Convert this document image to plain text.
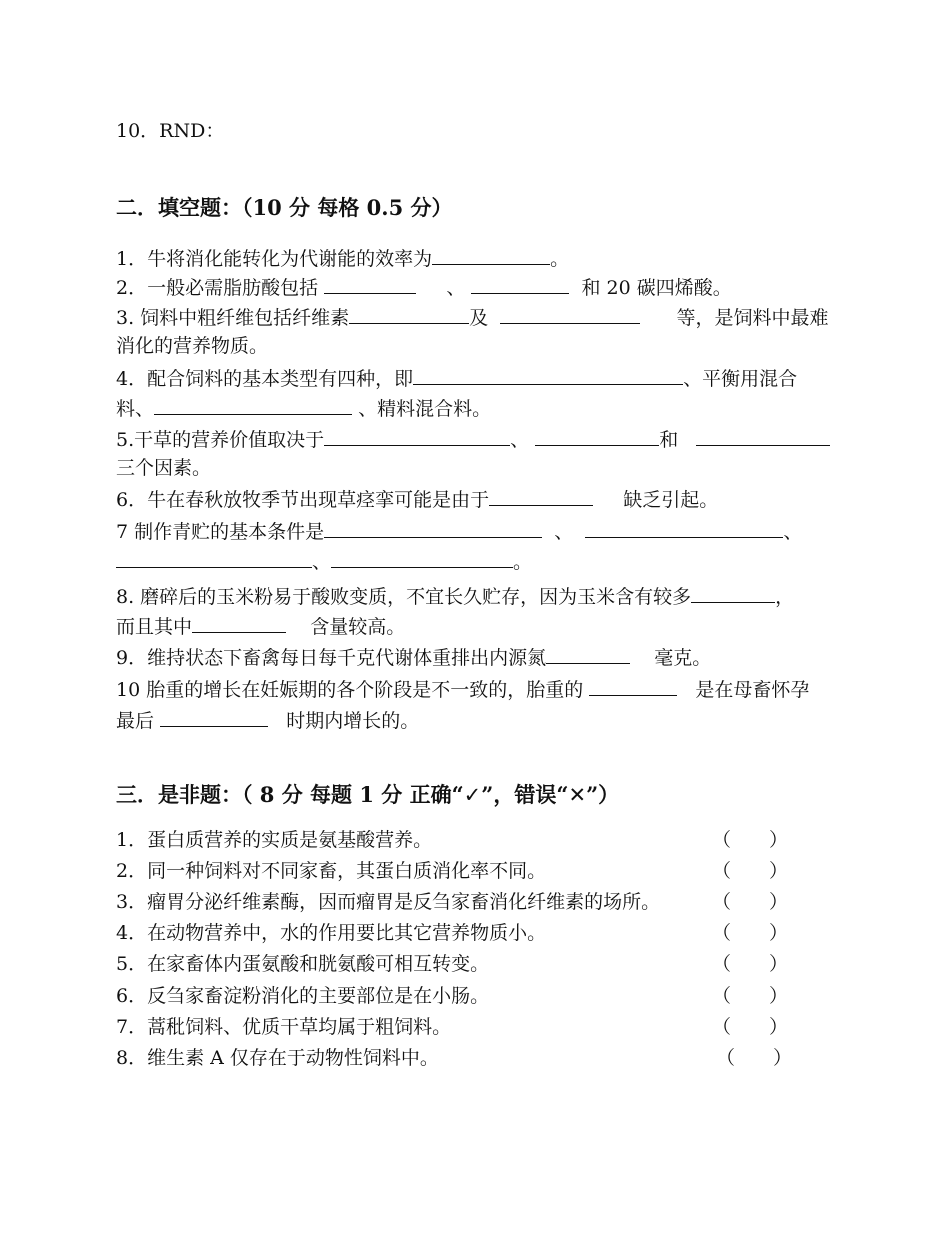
10．RND：
二．填空题：（10 分 每格 0.5 分）
1．牛将消化能转化为代谢能的效率为	。
2．一般必需脂肪酸包括	、	和 20 碳四烯酸。
3. 饲料中粗纤维包括纤维素	及	等，是饲料中最难
消化的营养物质。
4．配合饲料的基本类型有四种，即	、平衡用混合
料、	、精料混合料。
5.干草的营养价值取决于	、	和
三个因素。
6．牛在春秋放牧季节出现草痉挛可能是由于	缺乏引起。
7 制作青贮的基本条件是	、	、
、	。
8. 磨碎后的玉米粉易于酸败变质，不宜长久贮存，因为玉米含有较多	，
而且其中	含量较高。
9．维持状态下畜禽每日每千克代谢体重排出内源氮	毫克。
10 胎重的增长在妊娠期的各个阶段是不一致的，胎重的	是在母畜怀孕
最后	时期内增长的。
三．是非题：（ 8 分 每题 1 分 正确“✓”，错误“✕”）
1．蛋白质营养的实质是氨基酸营养。	（ ）
2．同一种饲料对不同家畜，其蛋白质消化率不同。	（ ）
3．瘤胃分泌纤维素酶，因而瘤胃是反刍家畜消化纤维素的场所。	（ ）
4．在动物营养中，水的作用要比其它营养物质小。	（ ）
5．在家畜体内蛋氨酸和胱氨酸可相互转变。	（ ）
6．反刍家畜淀粉消化的主要部位是在小肠。	（ ）
7．蒿秕饲料、优质干草均属于粗饲料。	（ ）
8．维生素 A 仅存在于动物性饲料中。	（ ）
